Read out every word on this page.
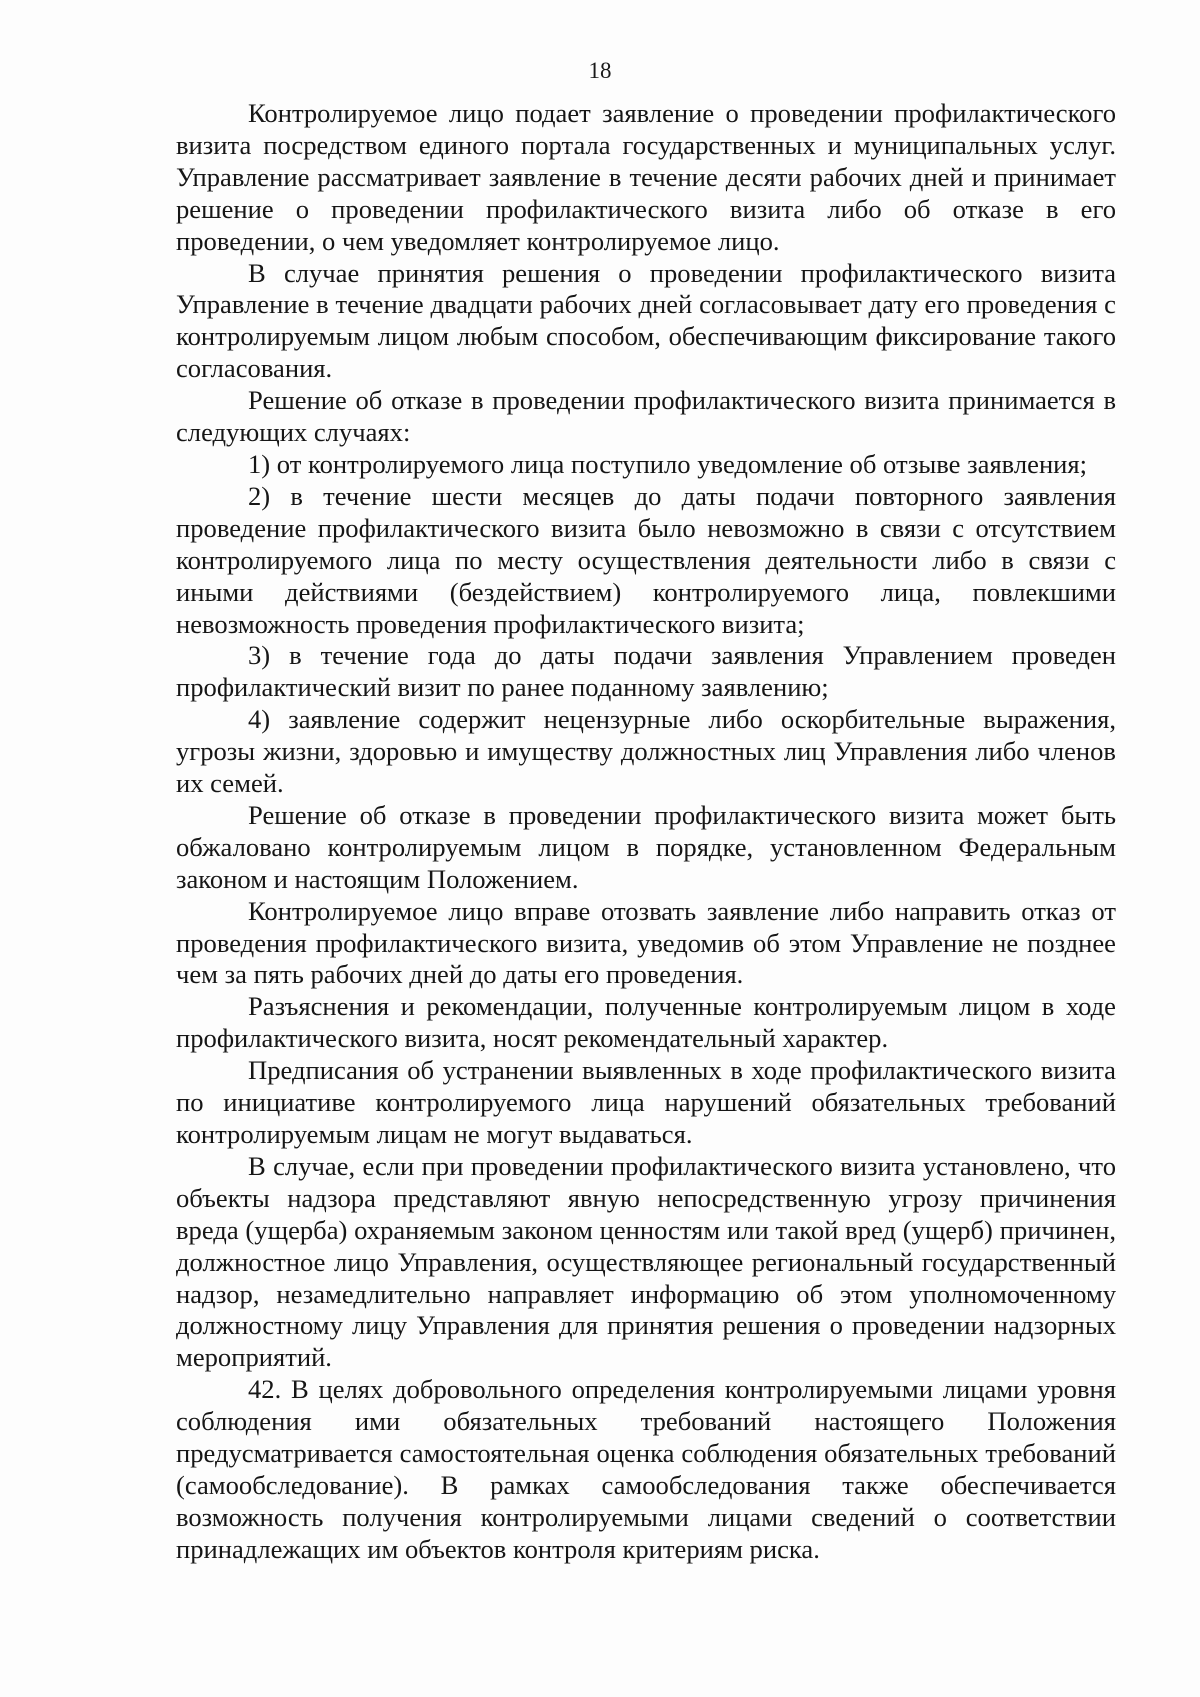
18

Контролируемое лицо подает заявление о проведении профилактического визита посредством единого портала государственных и муниципальных услуг. Управление рассматривает заявление в течение десяти рабочих дней и принимает решение о проведении профилактического визита либо об отказе в его проведении, о чем уведомляет контролируемое лицо.

В случае принятия решения о проведении профилактического визита Управление в течение двадцати рабочих дней согласовывает дату его проведения с контролируемым лицом любым способом, обеспечивающим фиксирование такого согласования.

Решение об отказе в проведении профилактического визита принимается в следующих случаях:

1) от контролируемого лица поступило уведомление об отзыве заявления;

2) в течение шести месяцев до даты подачи повторного заявления проведение профилактического визита было невозможно в связи с отсутствием контролируемого лица по месту осуществления деятельности либо в связи с иными действиями (бездействием) контролируемого лица, повлекшими невозможность проведения профилактического визита;

3) в течение года до даты подачи заявления Управлением проведен профилактический визит по ранее поданному заявлению;

4) заявление содержит нецензурные либо оскорбительные выражения, угрозы жизни, здоровью и имуществу должностных лиц Управления либо членов их семей.

Решение об отказе в проведении профилактического визита может быть обжаловано контролируемым лицом в порядке, установленном Федеральным законом и настоящим Положением.

Контролируемое лицо вправе отозвать заявление либо направить отказ от проведения профилактического визита, уведомив об этом Управление не позднее чем за пять рабочих дней до даты его проведения.

Разъяснения и рекомендации, полученные контролируемым лицом в ходе профилактического визита, носят рекомендательный характер.

Предписания об устранении выявленных в ходе профилактического визита по инициативе контролируемого лица нарушений обязательных требований контролируемым лицам не могут выдаваться.

В случае, если при проведении профилактического визита установлено, что объекты надзора представляют явную непосредственную угрозу причинения вреда (ущерба) охраняемым законом ценностям или такой вред (ущерб) причинен, должностное лицо Управления, осуществляющее региональный государственный надзор, незамедлительно направляет информацию об этом уполномоченному должностному лицу Управления для принятия решения о проведении надзорных мероприятий.

42. В целях добровольного определения контролируемыми лицами уровня соблюдения ими обязательных требований настоящего Положения предусматривается самостоятельная оценка соблюдения обязательных требований (самообследование). В рамках самообследования также обеспечивается возможность получения контролируемыми лицами сведений о соответствии принадлежащих им объектов контроля критериям риска.
